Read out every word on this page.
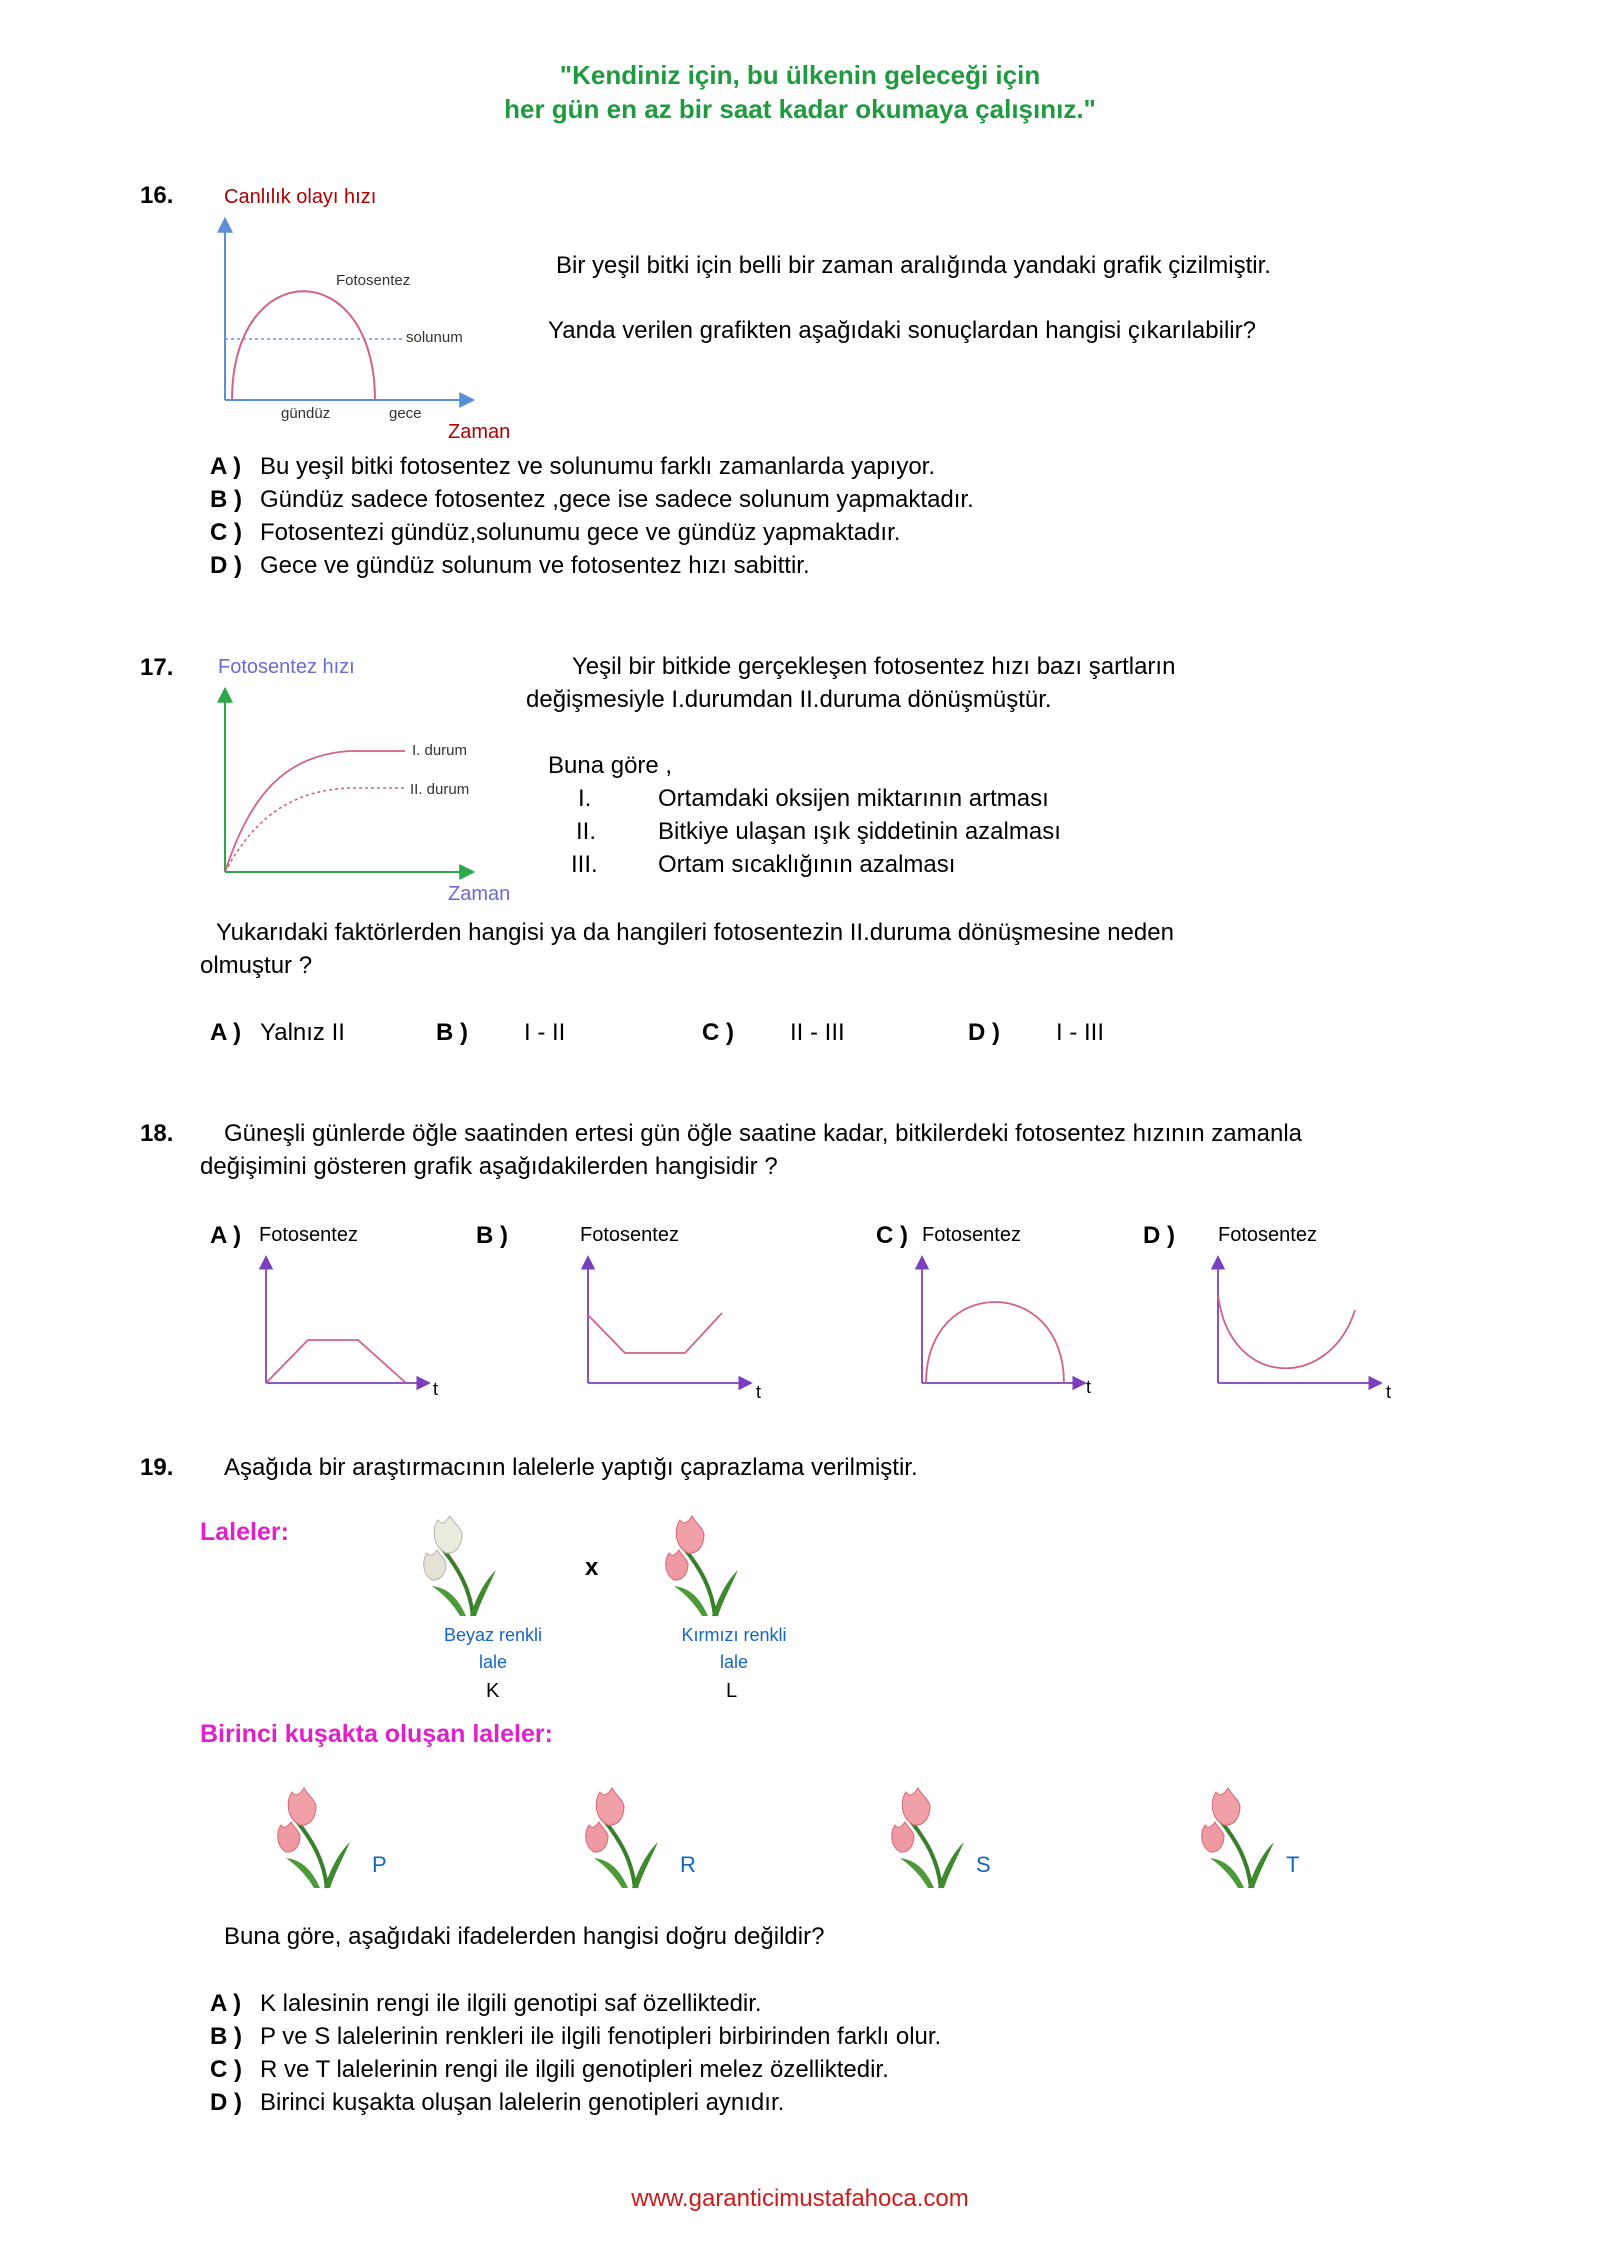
"Kendiniz için, bu ülkenin geleceği için
her gün en az bir saat kadar okumaya çalışınız."
16.	Canlılık olayı hızı
Fotosentez
solunum
gündüz	gece
Zaman
Bir yeşil bitki için belli bir zaman aralığında yandaki grafik çizilmiştir.
Yanda verilen grafikten aşağıdaki sonuçlardan hangisi çıkarılabilir?
A ) Bu yeşil bitki fotosentez ve solunumu farklı zamanlarda yapıyor.
B ) Gündüz sadece fotosentez ,gece ise sadece solunum yapmaktadır.
C ) Fotosentezi gündüz,solunumu gece ve gündüz yapmaktadır.
D ) Gece ve gündüz solunum ve fotosentez hızı sabittir.
17. Fotosentez hızı
I. durum
II. durum
Zaman
Yeşil bir bitkide gerçekleşen fotosentez hızı bazı şartların
değişmesiyle I.durumdan II.duruma dönüşmüştür.
Buna göre ,
I.	Ortamdaki oksijen miktarının artması
II.	Bitkiye ulaşan ışık şiddetinin azalması
III.	Ortam sıcaklığının azalması
Yukarıdaki faktörlerden hangisi ya da hangileri fotosentezin II.duruma dönüşmesine neden
olmuştur ?
A ) Yalnız II	B ) I - II	C ) II - III	D ) I - III
18. Güneşli günlerde öğle saatinden ertesi gün öğle saatine kadar, bitkilerdeki fotosentez hızının zamanla
değişimini gösteren grafik aşağıdakilerden hangisidir ?
A ) Fotosentez
t
B )	Fotosentez
t
C ) Fotosentez
t
D ) Fotosentez
t
19. Aşağıda bir araştırmacının lalelerle yaptığı çaprazlama verilmiştir.
Laleler:
x
Beyaz renkli
lale
K
Kırmızı renkli
lale
L
Birinci kuşakta oluşan laleler:
P	R	S	T
Buna göre, aşağıdaki ifadelerden hangisi doğru değildir?
A ) K lalesinin rengi ile ilgili genotipi saf özelliktedir.
B ) P ve S lalelerinin renkleri ile ilgili fenotipleri birbirinden farklı olur.
C ) R ve T lalelerinin rengi ile ilgili genotipleri melez özelliktedir.
D ) Birinci kuşakta oluşan lalelerin genotipleri aynıdır.
www.garanticimustafahoca.com
